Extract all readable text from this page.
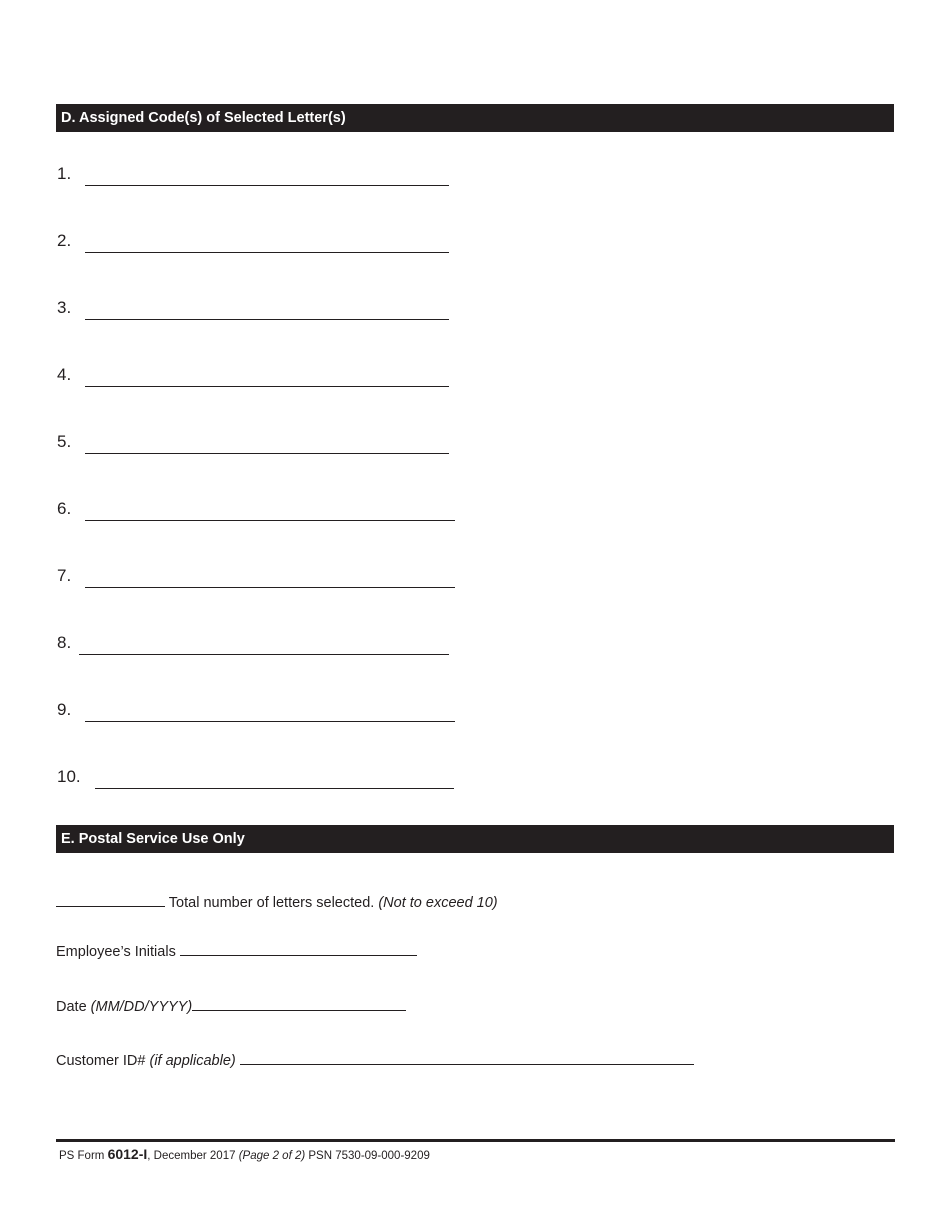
D. Assigned Code(s) of Selected Letter(s)
1.
2.
3.
4.
5.
6.
7.
8.
9.
10.
E. Postal Service Use Only
Total number of letters selected. (Not to exceed 10)
Employee’s Initials
Date (MM/DD/YYYY)
Customer ID# (if applicable)
PS Form 6012-I, December 2017 (Page 2 of 2) PSN 7530-09-000-9209
